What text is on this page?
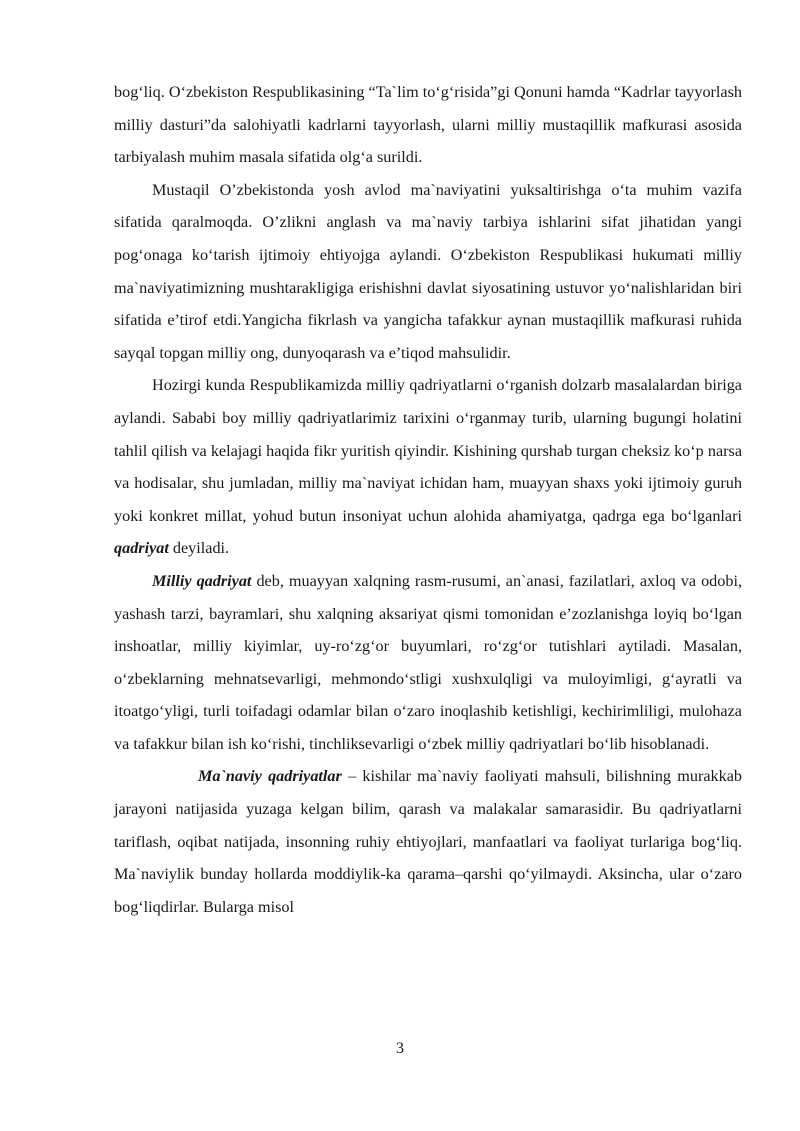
bog‘liq. O‘zbekiston Respublikasining “Ta`lim to‘g‘risida”gi Qonuni hamda “Kadrlar tayyorlash milliy dasturi”da salohiyatli kadrlarni tayyorlash, ularni milliy mustaqillik mafkurasi asosida tarbiyalash muhim masala sifatida olg‘a surildi.

Mustaqil O’zbekistonda yosh avlod ma`naviyatini yuksaltirishga o‘ta muhim vazifa sifatida qaralmoqda. O’zlikni anglash va ma`naviy tarbiya ishlarini sifat jihatidan yangi pog‘onaga ko‘tarish ijtimoiy ehtiyojga aylandi. O‘zbekiston Respublikasi hukumati milliy ma`naviyatimizning mushtarakligiga erishishni davlat siyosatining ustuvor yo‘nalishlaridan biri sifatida e’tirof etdi.Yangicha fikrlash va yangicha tafakkur aynan mustaqillik mafkurasi ruhida sayqal topgan milliy ong, dunyoqarash va e’tiqod mahsulidir.

Hozirgi kunda Respublikamizda milliy qadriyatlarni o‘rganish dolzarb masalalardan biriga aylandi. Sababi boy milliy qadriyatlarimiz tarixini o‘rganmay turib, ularning bugungi holatini tahlil qilish va kelajagi haqida fikr yuritish qiyindir. Kishining qurshab turgan cheksiz ko‘p narsa va hodisalar, shu jumladan, milliy ma`naviyat ichidan ham, muayyan shaxs yoki ijtimoiy guruh yoki konkret millat, yohud butun insoniyat uchun alohida ahamiyatga, qadrga ega bo‘lganlari qadriyat deyiladi.

Milliy qadriyat deb, muayyan xalqning rasm-rusumi, an`anasi, fazilatlari, axloq va odobi, yashash tarzi, bayramlari, shu xalqning aksariyat qismi tomonidan e’zozlanishga loyiq bo‘lgan inshoatlar, milliy kiyimlar, uy-ro‘zg‘or buyumlari, ro‘zg‘or tutishlari aytiladi. Masalan, o‘zbeklarning mehnatsevarligi, mehmondo‘stligi xushxulqligi va muloyimligi, g‘ayratli va itoatgo‘yligi, turli toifadagi odamlar bilan o‘zaro inoqlashib ketishligi, kechirimliligi, mulohaza va tafakkur bilan ish ko‘rishi, tinchliksevarligi o‘zbek milliy qadriyatlari bo‘lib hisoblanadi.

Ma`naviy qadriyatlar – kishilar ma`naviy faoliyati mahsuli, bilishning murakkab jarayoni natijasida yuzaga kelgan bilim, qarash va malakalar samarasidir. Bu qadriyatlarni tariflash, oqibat natijada, insonning ruhiy ehtiyojlari, manfaatlari va faoliyat turlariga bog‘liq. Ma`naviylik bunday hollarda moddiylik-ka qarama–qarshi qo‘yilmaydi. Aksincha, ular o‘zaro bog‘liqdirlar. Bularga misol

3
